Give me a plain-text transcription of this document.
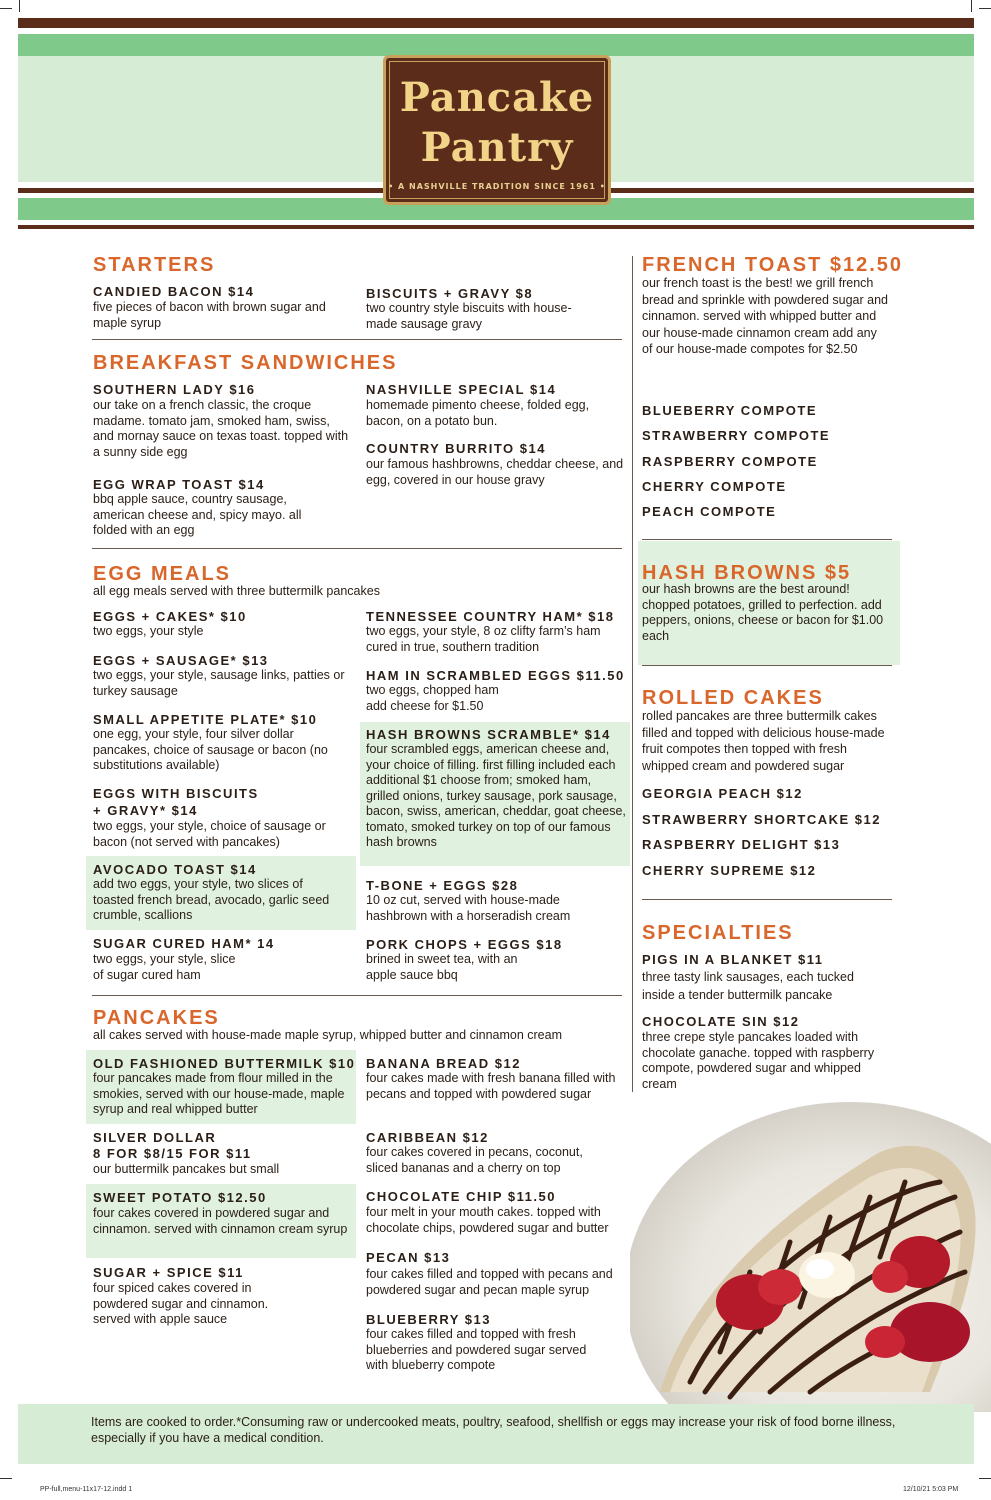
Pancake
Pantry
• A NASHVILLE TRADITION SINCE 1961 •
STARTERS
CANDIED BACON $14
five pieces of bacon with brown sugar and maple syrup
BISCUITS + GRAVY $8
two country style biscuits with house-made sausage gravy
BREAKFAST SANDWICHES
SOUTHERN LADY $16
our take on a french classic, the croque madame. tomato jam, smoked ham, swiss, and mornay sauce on texas toast. topped with a sunny side egg
EGG WRAP TOAST $14
bbq apple sauce, country sausage, american cheese and, spicy mayo. all folded with an egg
NASHVILLE SPECIAL $14
homemade pimento cheese, folded egg, bacon, on a potato bun.
COUNTRY BURRITO $14
our famous hashbrowns, cheddar cheese, and egg, covered in our house gravy
EGG MEALS
all egg meals served with three buttermilk pancakes
EGGS + CAKES* $10
two eggs, your style
EGGS + SAUSAGE* $13
two eggs, your style, sausage links, patties or turkey sausage
SMALL APPETITE PLATE* $10
one egg, your style, four silver dollar pancakes, choice of sausage or bacon (no substitutions available)
EGGS WITH BISCUITS
+ GRAVY* $14
two eggs, your style, choice of sausage or bacon (not served with pancakes)
AVOCADO TOAST $14
add two eggs, your style, two slices of toasted french bread, avocado, garlic seed crumble, scallions
SUGAR CURED HAM* 14
two eggs, your style, slice of sugar cured ham
TENNESSEE COUNTRY HAM* $18
two eggs, your style, 8 oz clifty farm’s ham cured in true, southern tradition
HAM IN SCRAMBLED EGGS $11.50
two eggs, chopped ham add cheese for $1.50
HASH BROWNS SCRAMBLE* $14
four scrambled eggs, american cheese and, your choice of filling. first filling included each additional $1 choose from; smoked ham, grilled onions, turkey sausage, pork sausage, bacon, swiss, american, cheddar, goat cheese, tomato, smoked turkey on top of our famous hash browns
T-BONE + EGGS $28
10 oz cut, served with house-made hashbrown with a horseradish cream
PORK CHOPS + EGGS $18
brined in sweet tea, with an apple sauce bbq
PANCAKES
all cakes served with house-made maple syrup, whipped butter and cinnamon cream
OLD FASHIONED BUTTERMILK $10
four pancakes made from flour milled in the smokies, served with our house-made, maple syrup and real whipped butter
SILVER DOLLAR
8 FOR $8/15 FOR $11
our buttermilk pancakes but small
SWEET POTATO $12.50
four cakes covered in powdered sugar and cinnamon. served with cinnamon cream syrup
SUGAR + SPICE $11
four spiced cakes covered in powdered sugar and cinnamon. served with apple sauce
BANANA BREAD $12
four cakes made with fresh banana filled with pecans and topped with powdered sugar
CARIBBEAN $12
four cakes covered in pecans, coconut, sliced bananas and a cherry on top
CHOCOLATE CHIP $11.50
four melt in your mouth cakes. topped with chocolate chips, powdered sugar and butter
PECAN $13
four cakes filled and topped with pecans and powdered sugar and pecan maple syrup
BLUEBERRY $13
four cakes filled and topped with fresh blueberries and powdered sugar served with blueberry compote
FRENCH TOAST $12.50
our french toast is the best! we grill french bread and sprinkle with powdered sugar and cinnamon. served with whipped butter and our house-made cinnamon cream add any of our house-made compotes for $2.50
BLUEBERRY COMPOTE
STRAWBERRY COMPOTE
RASPBERRY COMPOTE
CHERRY COMPOTE
PEACH COMPOTE
HASH BROWNS $5
our hash browns are the best around! chopped potatoes, grilled to perfection. add peppers, onions, cheese or bacon for $1.00 each
ROLLED CAKES
rolled pancakes are three buttermilk cakes filled and topped with delicious house-made fruit compotes then topped with fresh whipped cream and powdered sugar
GEORGIA PEACH $12
STRAWBERRY SHORTCAKE $12
RASPBERRY DELIGHT $13
CHERRY SUPREME $12
SPECIALTIES
PIGS IN A BLANKET $11
three tasty link sausages, each tucked inside a tender buttermilk pancake
CHOCOLATE SIN $12
three crepe style pancakes loaded with chocolate ganache. topped with raspberry compote, powdered sugar and whipped cream
Items are cooked to order.*Consuming raw or undercooked meats, poultry, seafood, shellfish or eggs may increase your risk of food borne illness, especially if you have a medical condition.
PP-full,menu-11x17-12.indd 1	12/10/21 5:03 PM
